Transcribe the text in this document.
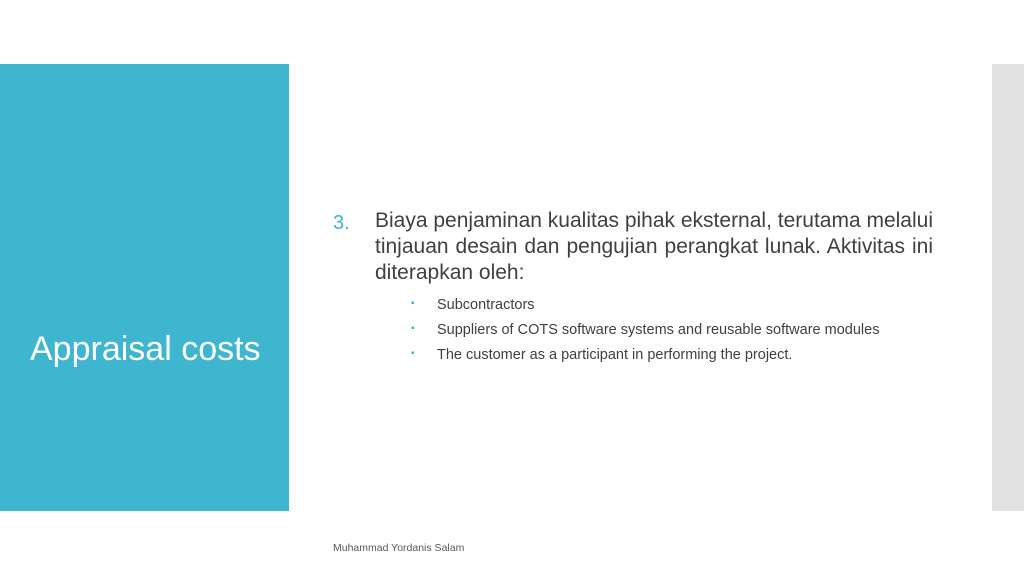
Appraisal costs
3. Biaya penjaminan kualitas pihak eksternal, terutama melalui tinjauan desain dan pengujian perangkat lunak. Aktivitas ini diterapkan oleh:

▪ Subcontractors
▪ Suppliers of COTS software systems and reusable software modules
▪ The customer as a participant in performing the project.
Muhammad Yordanis Salam
